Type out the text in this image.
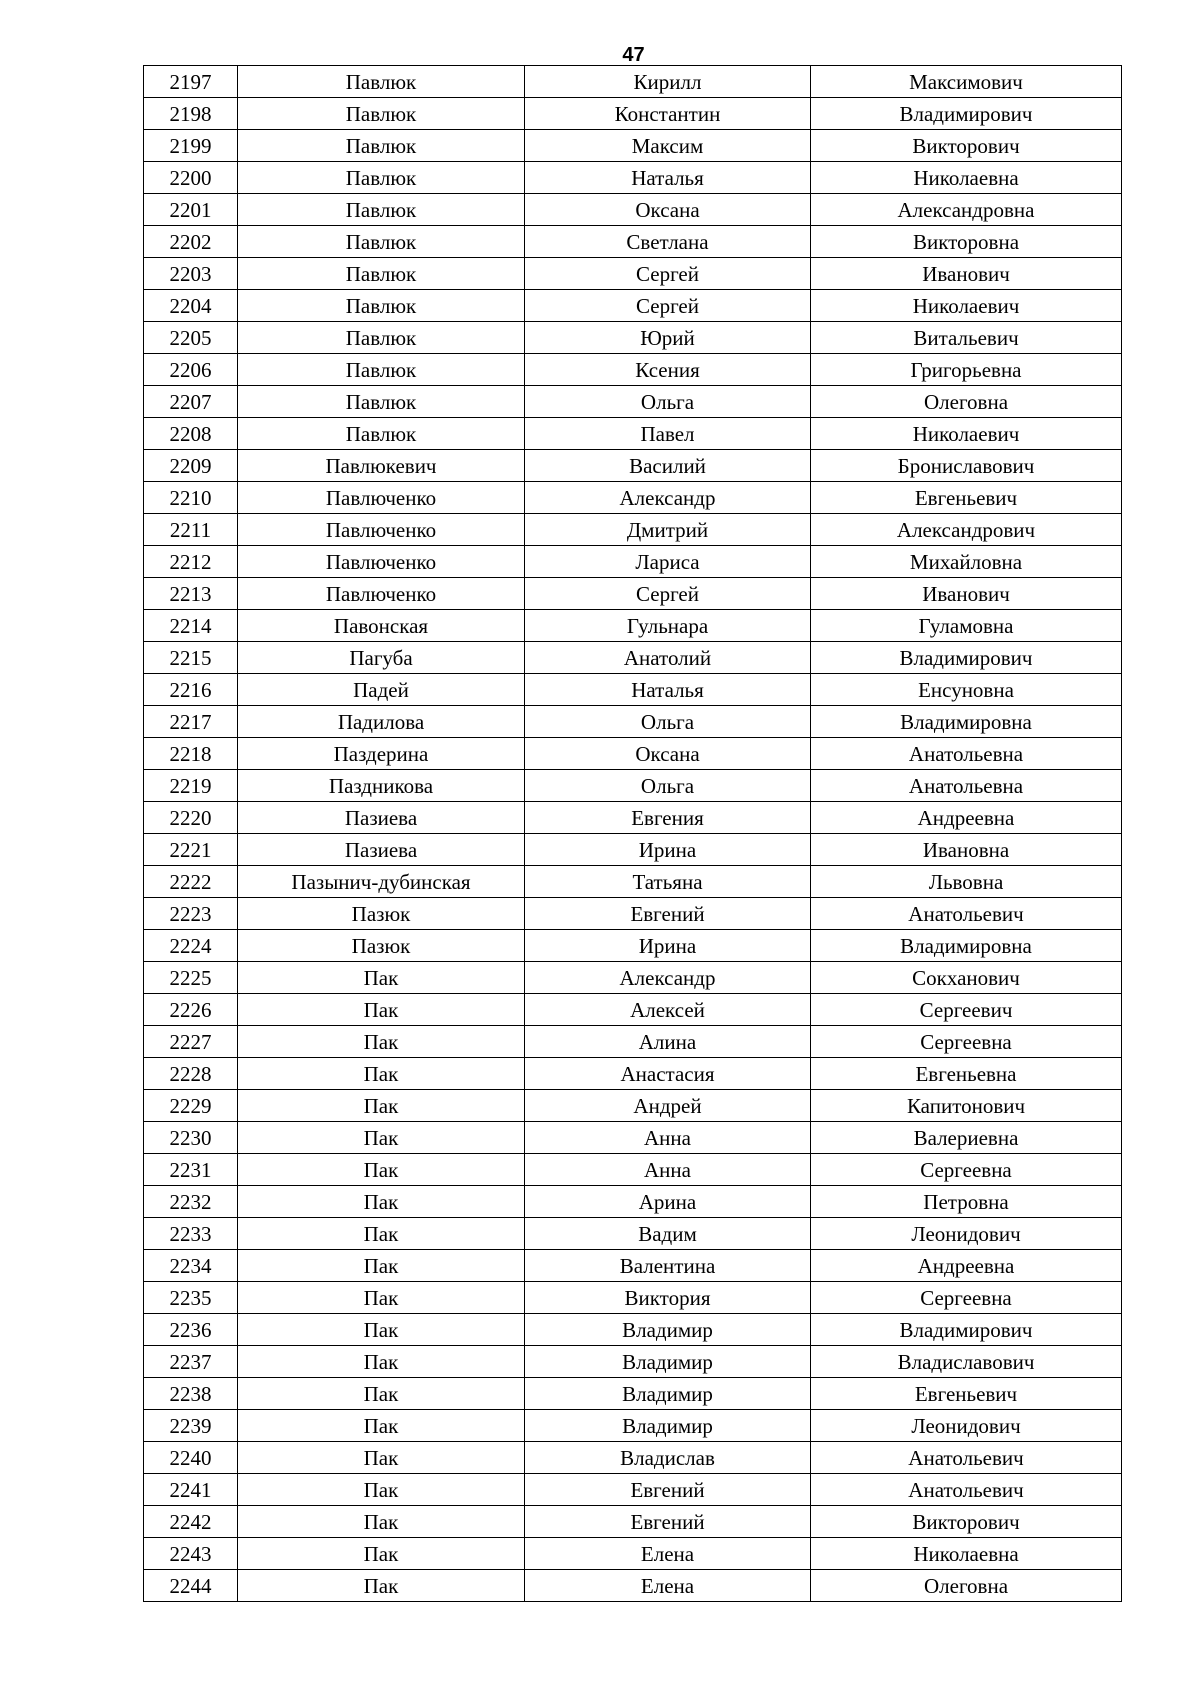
47
2197	Павлюк	Кирилл	Максимович
2198	Павлюк	Константин	Владимирович
2199	Павлюк	Максим	Викторович
2200	Павлюк	Наталья	Николаевна
2201	Павлюк	Оксана	Александровна
2202	Павлюк	Светлана	Викторовна
2203	Павлюк	Сергей	Иванович
2204	Павлюк	Сергей	Николаевич
2205	Павлюк	Юрий	Витальевич
2206	Павлюк	Ксения	Григорьевна
2207	Павлюк	Ольга	Олеговна
2208	Павлюк	Павел	Николаевич
2209	Павлюкевич	Василий	Брониславович
2210	Павлюченко	Александр	Евгеньевич
2211	Павлюченко	Дмитрий	Александрович
2212	Павлюченко	Лариса	Михайловна
2213	Павлюченко	Сергей	Иванович
2214	Павонская	Гульнара	Гуламовна
2215	Пагуба	Анатолий	Владимирович
2216	Падей	Наталья	Енсуновна
2217	Падилова	Ольга	Владимировна
2218	Паздерина	Оксана	Анатольевна
2219	Паздникова	Ольга	Анатольевна
2220	Пазиева	Евгения	Андреевна
2221	Пазиева	Ирина	Ивановна
2222	Пазынич-дубинская	Татьяна	Львовна
2223	Пазюк	Евгений	Анатольевич
2224	Пазюк	Ирина	Владимировна
2225	Пак	Александр	Сокханович
2226	Пак	Алексей	Сергеевич
2227	Пак	Алина	Сергеевна
2228	Пак	Анастасия	Евгеньевна
2229	Пак	Андрей	Капитонович
2230	Пак	Анна	Валериевна
2231	Пак	Анна	Сергеевна
2232	Пак	Арина	Петровна
2233	Пак	Вадим	Леонидович
2234	Пак	Валентина	Андреевна
2235	Пак	Виктория	Сергеевна
2236	Пак	Владимир	Владимирович
2237	Пак	Владимир	Владиславович
2238	Пак	Владимир	Евгеньевич
2239	Пак	Владимир	Леонидович
2240	Пак	Владислав	Анатольевич
2241	Пак	Евгений	Анатольевич
2242	Пак	Евгений	Викторович
2243	Пак	Елена	Николаевна
2244	Пак	Елена	Олеговна
